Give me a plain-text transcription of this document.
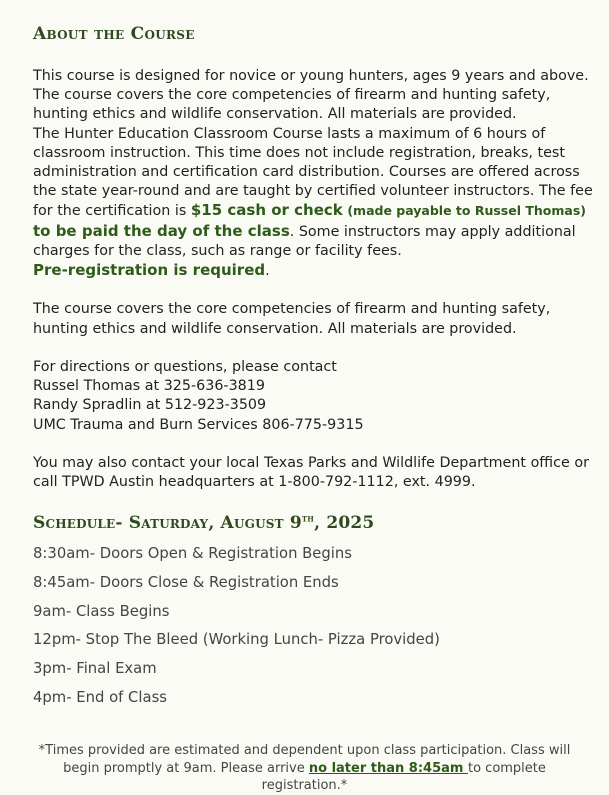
About the Course

This course is designed for novice or young hunters, ages 9 years and above. The course covers the core competencies of firearm and hunting safety, hunting ethics and wildlife conservation. All materials are provided.

The Hunter Education Classroom Course lasts a maximum of 6 hours of classroom instruction. This time does not include registration, breaks, test administration and certification card distribution. Courses are offered across the state year-round and are taught by certified volunteer instructors. The fee for the certification is $15 cash or check (made payable to Russel Thomas) to be paid the day of the class. Some instructors may apply additional charges for the class, such as range or facility fees.

Pre-registration is required.

The course covers the core competencies of firearm and hunting safety, hunting ethics and wildlife conservation. All materials are provided.

For directions or questions, please contact

Russel Thomas at 325-636-3819

Randy Spradlin at 512-923-3509

UMC Trauma and Burn Services 806-775-9315

You may also contact your local Texas Parks and Wildlife Department office or call TPWD Austin headquarters at 1-800-792-1112, ext. 4999.

Schedule- Saturday, August 9th, 2025
8:30am- Doors Open & Registration Begins
8:45am- Doors Close & Registration Ends
9am- Class Begins
12pm- Stop The Bleed (Working Lunch- Pizza Provided)
3pm- Final Exam
4pm- End of Class

*Times provided are estimated and dependent upon class participation. Class will begin promptly at 9am. Please arrive no later than 8:45am to complete registration.*
